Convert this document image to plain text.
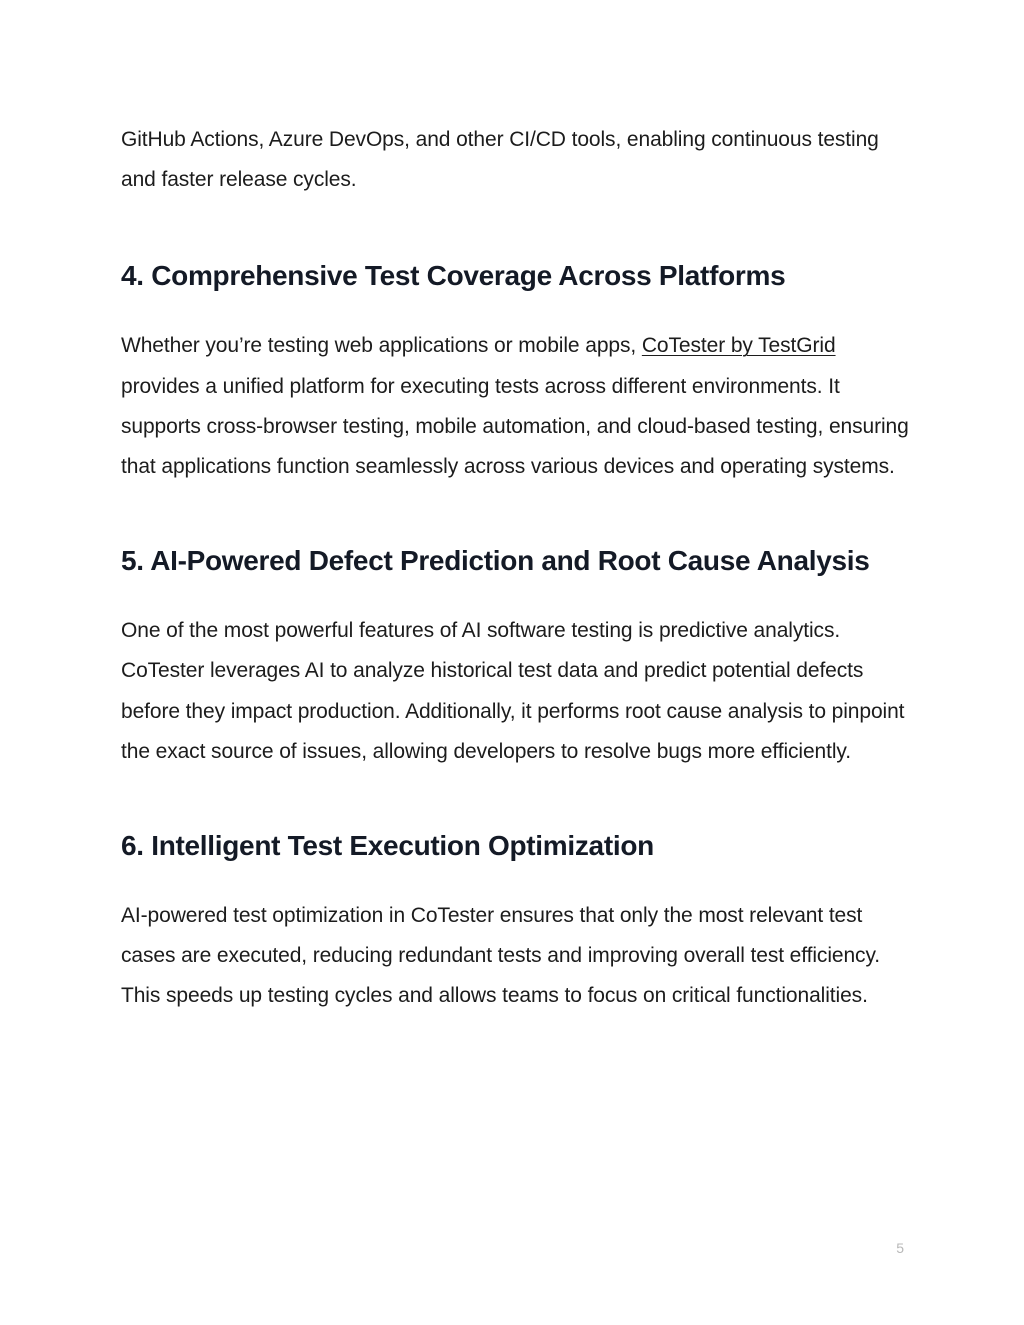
GitHub Actions, Azure DevOps, and other CI/CD tools, enabling continuous testing and faster release cycles.

4. Comprehensive Test Coverage Across Platforms

Whether you’re testing web applications or mobile apps, CoTester by TestGrid provides a unified platform for executing tests across different environments. It supports cross-browser testing, mobile automation, and cloud-based testing, ensuring that applications function seamlessly across various devices and operating systems.

5. AI-Powered Defect Prediction and Root Cause Analysis

One of the most powerful features of AI software testing is predictive analytics. CoTester leverages AI to analyze historical test data and predict potential defects before they impact production. Additionally, it performs root cause analysis to pinpoint the exact source of issues, allowing developers to resolve bugs more efficiently.

6. Intelligent Test Execution Optimization

AI-powered test optimization in CoTester ensures that only the most relevant test cases are executed, reducing redundant tests and improving overall test efficiency. This speeds up testing cycles and allows teams to focus on critical functionalities.

5
